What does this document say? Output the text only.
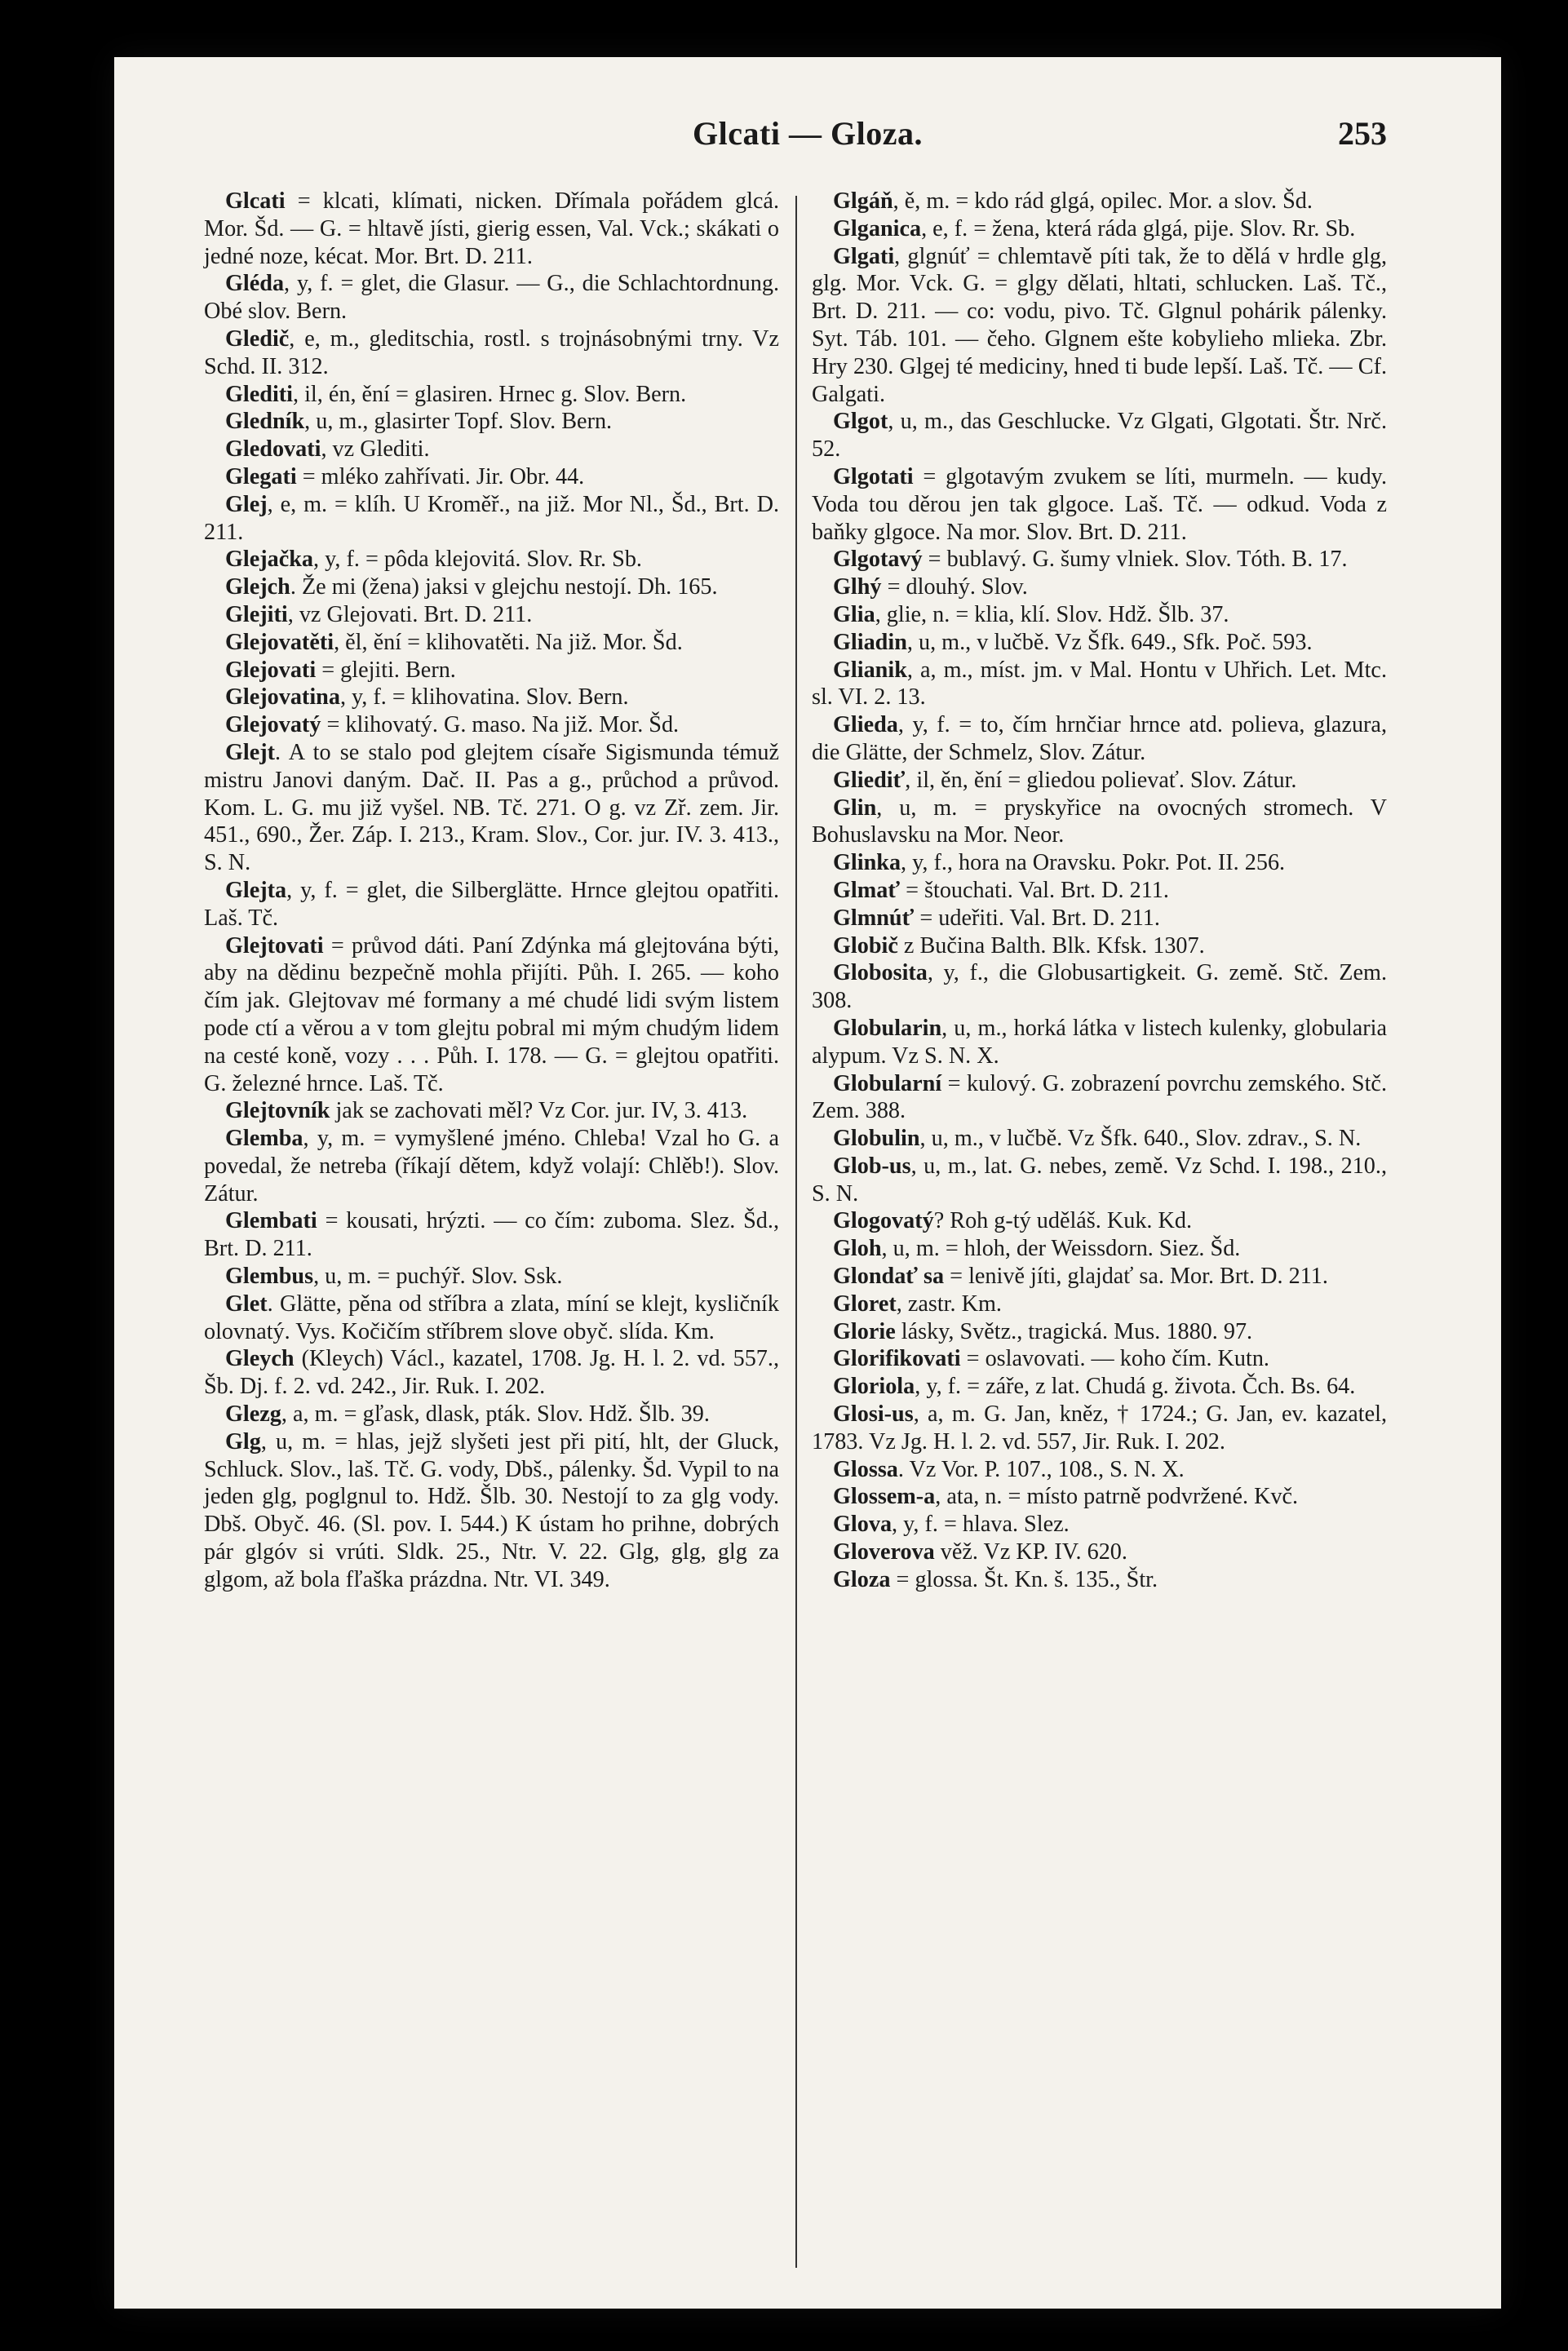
Glcati — Gloza.	253

Glcati = klcati, klímati, nicken. Dřímala pořádem glcá. Mor. Šd. — G. = hltavě jísti, gierig essen, Val. Vck.; skákati o jedné noze, kécat. Mor. Brt. D. 211.

Gléda, y, f. = glet, die Glasur. — G., die Schlachtordnung. Obé slov. Bern.

Gledič, e, m., gleditschia, rostl. s trojnásobnými trny. Vz Schd. II. 312.

Glediti, il, én, ění = glasiren. Hrnec g. Slov. Bern.

Gledník, u, m., glasirter Topf. Slov. Bern.

Gledovati, vz Glediti.

Glegati = mléko zahřívati. Jir. Obr. 44.

Glej, e, m. = klíh. U Kroměř., na již. Mor Nl., Šd., Brt. D. 211.

Glejačka, y, f. = pôda klejovitá. Slov. Rr. Sb.

Glejch. Že mi (žena) jaksi v glejchu nestojí. Dh. 165.

Glejiti, vz Glejovati. Brt. D. 211.

Glejovatěti, ěl, ění = klihovatěti. Na již. Mor. Šd.

Glejovati = glejiti. Bern.

Glejovatina, y, f. = klihovatina. Slov. Bern.

Glejovatý = klihovatý. G. maso. Na již. Mor. Šd.

Glejt. A to se stalo pod glejtem císaře Sigismunda témuž mistru Janovi daným. Dač. II. Pas a g., průchod a průvod. Kom. L. G. mu již vyšel. NB. Tč. 271. O g. vz Zř. zem. Jir. 451., 690., Žer. Záp. I. 213., Kram. Slov., Cor. jur. IV. 3. 413., S. N.

Glejta, y, f. = glet, die Silberglätte. Hrnce glejtou opatřiti. Laš. Tč.

Glejtovati = průvod dáti. Paní Zdýnka má glejtována býti, aby na dědinu bezpečně mohla přijíti. Půh. I. 265. — koho čím jak. Glejtovav mé formany a mé chudé lidi svým listem pode ctí a věrou a v tom glejtu pobral mi mým chudým lidem na cesté koně, vozy . . . Půh. I. 178. — G. = glejtou opatřiti. G. železné hrnce. Laš. Tč.

Glejtovník jak se zachovati měl? Vz Cor. jur. IV, 3. 413.

Glemba, y, m. = vymyšlené jméno. Chleba! Vzal ho G. a povedal, že netreba (říkají dětem, když volají: Chlěb!). Slov. Zátur.

Glembati = kousati, hrýzti. — co čím: zuboma. Slez. Šd., Brt. D. 211.

Glembus, u, m. = puchýř. Slov. Ssk.

Glet. Glätte, pěna od stříbra a zlata, míní se klejt, kysličník olovnatý. Vys. Kočičím stříbrem slove obyč. slída. Km.

Gleych (Kleych) Václ., kazatel, 1708. Jg. H. l. 2. vd. 557., Šb. Dj. f. 2. vd. 242., Jir. Ruk. I. 202.

Glezg, a, m. = gľask, dlask, pták. Slov. Hdž. Šlb. 39.

Glg, u, m. = hlas, jejž slyšeti jest při pití, hlt, der Gluck, Schluck. Slov., laš. Tč. G. vody, Dbš., pálenky. Šd. Vypil to na jeden glg, poglgnul to. Hdž. Šlb. 30. Nestojí to za glg vody. Dbš. Obyč. 46. (Sl. pov. I. 544.) K ústam ho prihne, dobrých pár glgóv si vrúti. Sldk. 25., Ntr. V. 22. Glg, glg, glg za glgom, až bola fľaška prázdna. Ntr. VI. 349.

Glgáň, ě, m. = kdo rád glgá, opilec. Mor. a slov. Šd.

Glganica, e, f. = žena, která ráda glgá, pije. Slov. Rr. Sb.

Glgati, glgnúť = chlemtavě píti tak, že to dělá v hrdle glg, glg. Mor. Vck. G. = glgy dělati, hltati, schlucken. Laš. Tč., Brt. D. 211. — co: vodu, pivo. Tč. Glgnul pohárik pálenky. Syt. Táb. 101. — čeho. Glgnem ešte kobylieho mlieka. Zbr. Hry 230. Glgej té mediciny, hned ti bude lepší. Laš. Tč. — Cf. Galgati.

Glgot, u, m., das Geschlucke. Vz Glgati, Glgotati. Štr. Nrč. 52.

Glgotati = glgotavým zvukem se líti, murmeln. — kudy. Voda tou děrou jen tak glgoce. Laš. Tč. — odkud. Voda z baňky glgoce. Na mor. Slov. Brt. D. 211.

Glgotavý = bublavý. G. šumy vlniek. Slov. Tóth. B. 17.

Glhý = dlouhý. Slov.

Glia, glie, n. = klia, klí. Slov. Hdž. Šlb. 37.

Gliadin, u, m., v lučbě. Vz Šfk. 649., Sfk. Poč. 593.

Glianik, a, m., míst. jm. v Mal. Hontu v Uhřich. Let. Mtc. sl. VI. 2. 13.

Glieda, y, f. = to, čím hrnčiar hrnce atd. polieva, glazura, die Glätte, der Schmelz, Slov. Zátur.

Gliediť, il, ěn, ění = gliedou polievať. Slov. Zátur.

Glin, u, m. = pryskyřice na ovocných stromech. V Bohuslavsku na Mor. Neor.

Glinka, y, f., hora na Oravsku. Pokr. Pot. II. 256.

Glmať = štouchati. Val. Brt. D. 211.

Glmnúť = udeřiti. Val. Brt. D. 211.

Globič z Bučina Balth. Blk. Kfsk. 1307.

Globosita, y, f., die Globusartigkeit. G. země. Stč. Zem. 308.

Globularin, u, m., horká látka v listech kulenky, globularia alypum. Vz S. N. X.

Globularní = kulový. G. zobrazení povrchu zemského. Stč. Zem. 388.

Globulin, u, m., v lučbě. Vz Šfk. 640., Slov. zdrav., S. N.

Glob-us, u, m., lat. G. nebes, země. Vz Schd. I. 198., 210., S. N.

Glogovatý? Roh g-tý uděláš. Kuk. Kd.

Gloh, u, m. = hloh, der Weissdorn. Siez. Šd.

Glondať sa = lenivě jíti, glajdať sa. Mor. Brt. D. 211.

Gloret, zastr. Km.

Glorie lásky, Světz., tragická. Mus. 1880. 97.

Glorifikovati = oslavovati. — koho čím. Kutn.

Gloriola, y, f. = záře, z lat. Chudá g. života. Čch. Bs. 64.

Glosi-us, a, m. G. Jan, kněz, † 1724.; G. Jan, ev. kazatel, 1783. Vz Jg. H. l. 2. vd. 557, Jir. Ruk. I. 202.

Glossa. Vz Vor. P. 107., 108., S. N. X.

Glossem-a, ata, n. = místo patrně podvržené. Kvč.

Glova, y, f. = hlava. Slez.

Gloverova věž. Vz KP. IV. 620.

Gloza = glossa. Št. Kn. š. 135., Štr.
